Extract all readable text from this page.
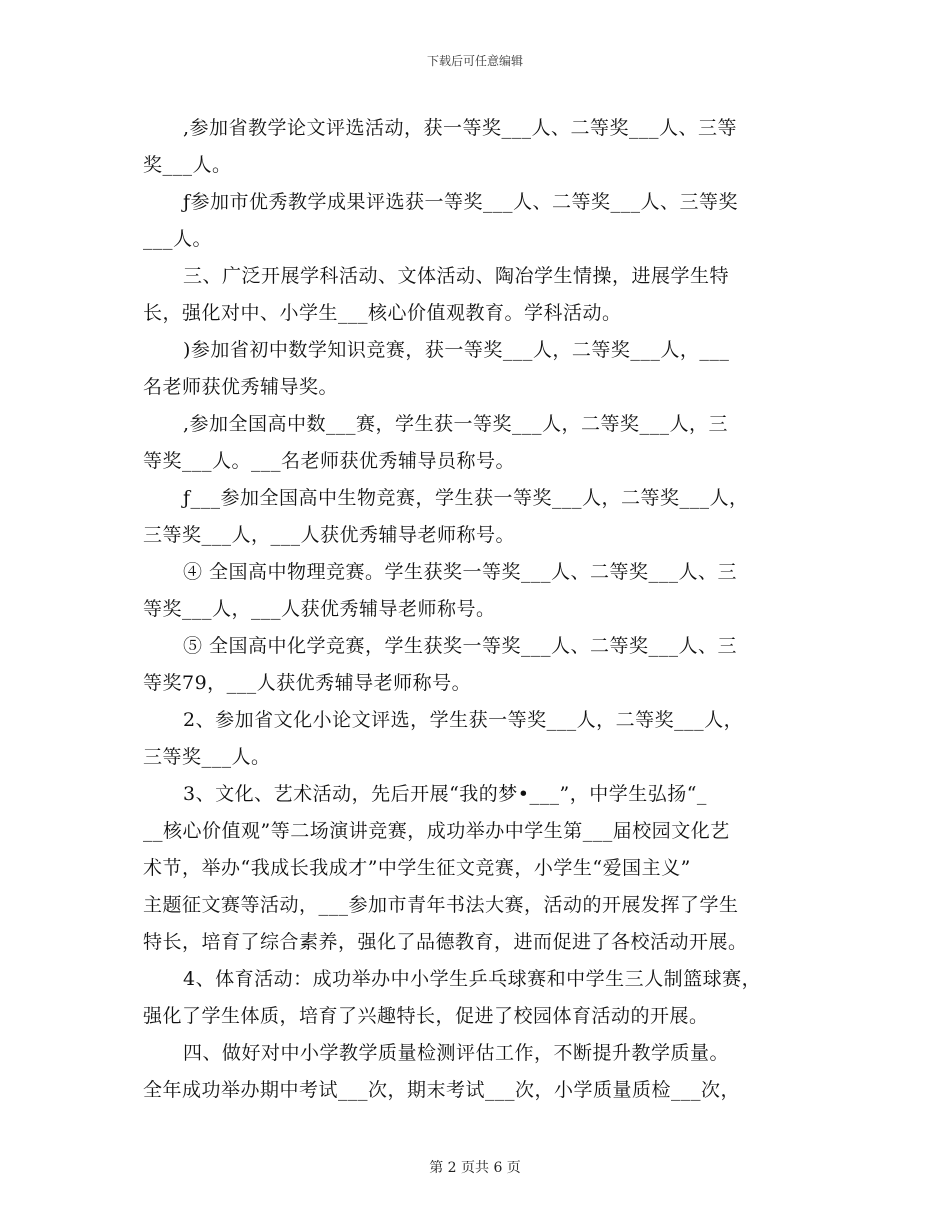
下载后可任意编辑

,参加省教学论文评选活动，获一等奖___人、二等奖___人、三等
奖___人。

ƒ参加市优秀教学成果评选获一等奖___人、二等奖___人、三等奖
___人。

三、广泛开展学科活动、文体活动、陶冶学生情操，进展学生特
长，强化对中、小学生___核心价值观教育。学科活动。

)参加省初中数学知识竞赛，获一等奖___人，二等奖___人，___
名老师获优秀辅导奖。

,参加全国高中数___赛，学生获一等奖___人，二等奖___人，三
等奖___人。___名老师获优秀辅导员称号。

ƒ___参加全国高中生物竞赛，学生获一等奖___人，二等奖___人，
三等奖___人，___人获优秀辅导老师称号。

④ 全国高中物理竞赛。学生获奖一等奖___人、二等奖___人、三
等奖___人，___人获优秀辅导老师称号。

⑤ 全国高中化学竞赛，学生获奖一等奖___人、二等奖___人、三
等奖79，___人获优秀辅导老师称号。

2、参加省文化小论文评选，学生获一等奖___人，二等奖___人，
三等奖___人。

3、文化、艺术活动，先后开展“我的梦•___”，中学生弘扬“_
__核心价值观”等二场演讲竞赛，成功举办中学生第___届校园文化艺
术节，举办“我成长我成才”中学生征文竞赛，小学生“爱国主义”
主题征文赛等活动，___参加市青年书法大赛，活动的开展发挥了学生
特长，培育了综合素养，强化了品德教育，进而促进了各校活动开展。

4、体育活动：成功举办中小学生乒乓球赛和中学生三人制篮球赛，
强化了学生体质，培育了兴趣特长，促进了校园体育活动的开展。

四、做好对中小学教学质量检测评估工作，不断提升教学质量。
全年成功举办期中考试___次，期末考试___次，小学质量质检___次，

第 2 页共 6 页
